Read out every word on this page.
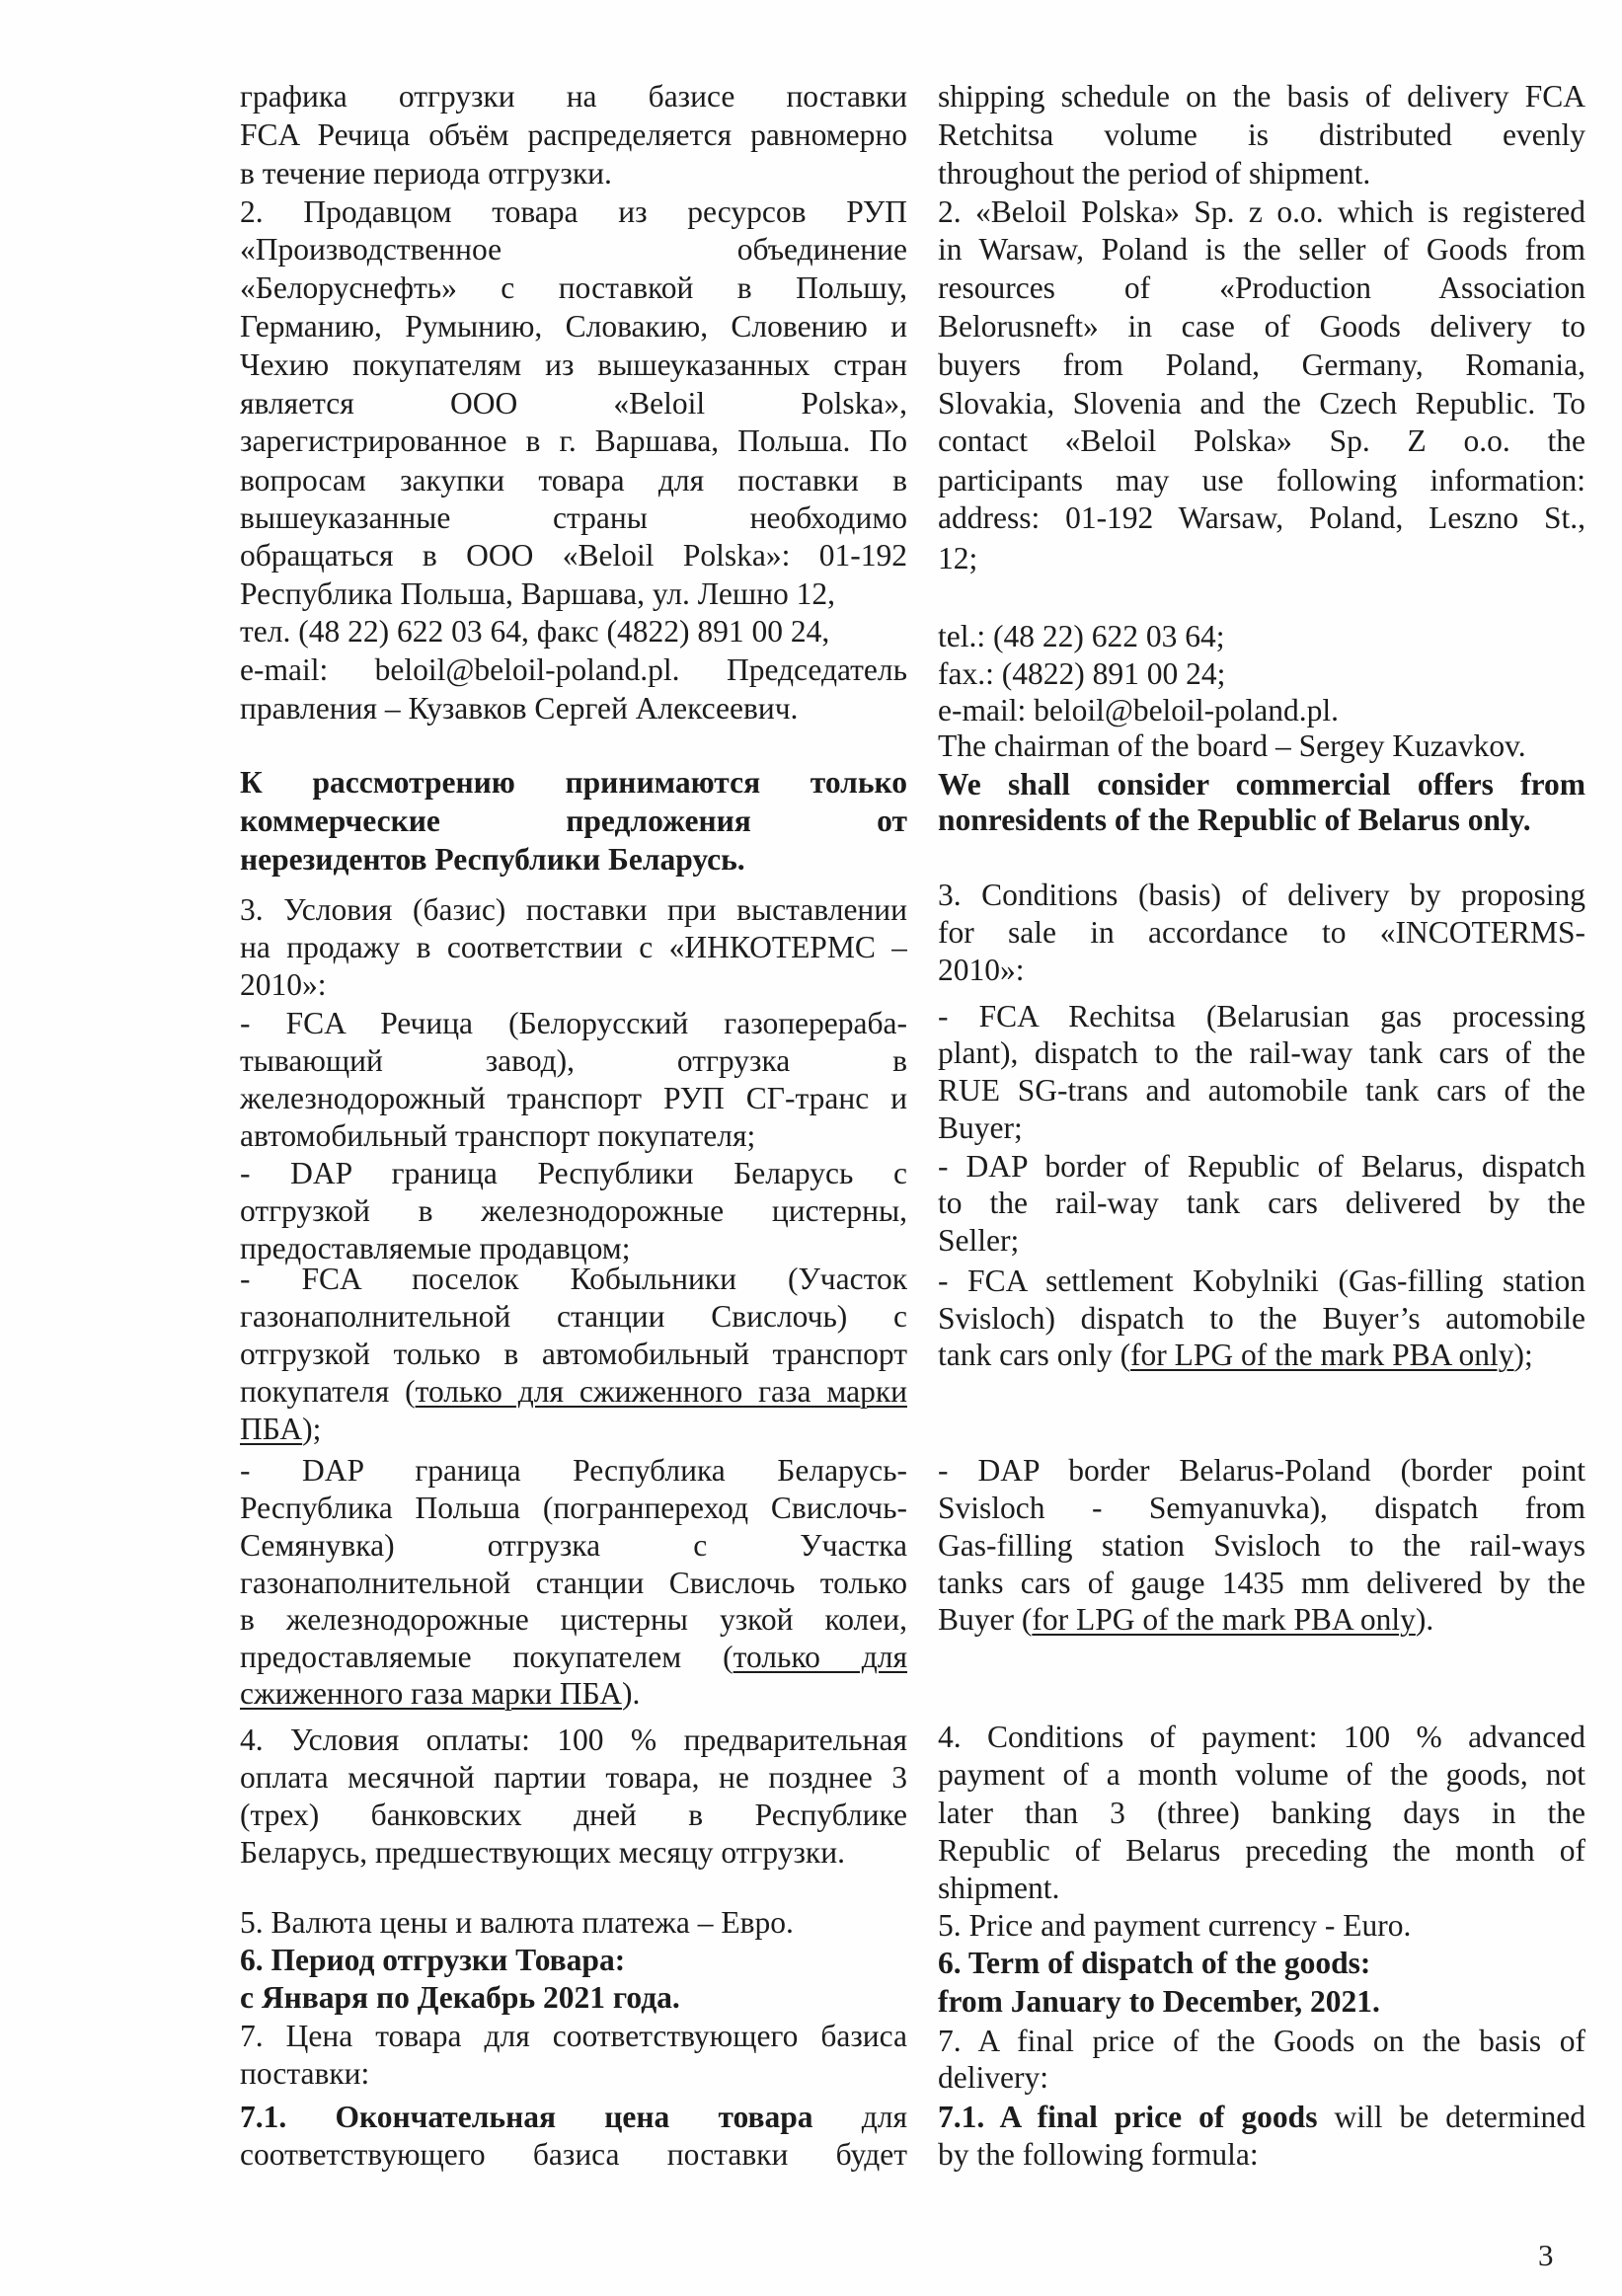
графика отгрузки на базисе поставки
FCA Речица объём распределяется равномерно
в течение периода отгрузки.
2. Продавцом товара из ресурсов РУП
«Производственное объединение
«Белоруснефть» с поставкой в Польшу,
Германию, Румынию, Словакию, Словению и
Чехию покупателям из вышеуказанных стран
является ООО «Beloil Polska»,
зарегистрированное в г. Варшава, Польша. По
вопросам закупки товара для поставки в
вышеуказанные страны необходимо
обращаться в ООО «Beloil Polska»: 01-192
Республика Польша, Варшава, ул. Лешно 12,
тел. (48 22) 622 03 64, факс (4822) 891 00 24,
e-mail: beloil@beloil-poland.pl. Председатель
правления – Кузавков Сергей Алексеевич.
К рассмотрению принимаются только
коммерческие предложения от
нерезидентов Республики Беларусь.
3. Условия (базис) поставки при выставлении
на продажу в соответствии с «ИНКОТЕРМС –
2010»:
- FCA Речица (Белорусский газоперераба-
тывающий завод), отгрузка в
железнодорожный транспорт РУП СГ-транс и
автомобильный транспорт покупателя;
- DAP граница Республики Беларусь с
отгрузкой в железнодорожные цистерны,
предоставляемые продавцом;
- FCA поселок Кобыльники (Участок
газонаполнительной станции Свислочь) с
отгрузкой только в автомобильный транспорт
покупателя (только для сжиженного газа марки
ПБА);
- DAP граница Республика Беларусь-
Республика Польша (погранпереход Свислочь-
Семянувка) отгрузка с Участка
газонаполнительной станции Свислочь только
в железнодорожные цистерны узкой колеи,
предоставляемые покупателем (только для
сжиженного газа марки ПБА).
4. Условия оплаты: 100 % предварительная
оплата месячной партии товара, не позднее 3
(трех) банковских дней в Республике
Беларусь, предшествующих месяцу отгрузки.
5. Валюта цены и валюта платежа – Евро.
6. Период отгрузки Товара:
с Января по Декабрь 2021 года.
7. Цена товара для соответствующего базиса
поставки:
7.1. Окончательная цена товара для
соответствующего базиса поставки будет
shipping schedule on the basis of delivery FCA
Retchitsa volume is distributed evenly
throughout the period of shipment.
2. «Beloil Polska» Sp. z o.o. which is registered
in Warsaw, Poland is the seller of Goods from
resources of «Production Association
Belorusneft» in case of Goods delivery to
buyers from Poland, Germany, Romania,
Slovakia, Slovenia and the Czech Republic. To
contact «Beloil Polska» Sp. Z o.o. the
participants may use following information:
address: 01-192 Warsaw, Poland, Leszno St.,
12;
tel.: (48 22) 622 03 64;
fax.: (4822) 891 00 24;
e-mail: beloil@beloil-poland.pl.
The chairman of the board – Sergey Kuzavkov.
We shall consider commercial offers from
nonresidents of the Republic of Belarus only.
3. Conditions (basis) of delivery by proposing
for sale in accordance to «INCOTERMS-
2010»:
- FCA Rechitsa (Belarusian gas processing
plant), dispatch to the rail-way tank cars of the
RUE SG-trans and automobile tank cars of the
Buyer;
- DAP border of Republic of Belarus, dispatch
to the rail-way tank cars delivered by the
Seller;
- FCA settlement Kobylniki (Gas-filling station
Svisloch) dispatch to the Buyer’s automobile
tank cars only (for LPG of the mark PBA only);
- DAP border Belarus-Poland (border point
Svisloch - Semyanuvka), dispatch from
Gas-filling station Svisloch to the rail-ways
tanks cars of gauge 1435 mm delivered by the
Buyer (for LPG of the mark PBA only).
4. Conditions of payment: 100 % advanced
payment of a month volume of the goods, not
later than 3 (three) banking days in the
Republic of Belarus preceding the month of
shipment.
5. Price and payment currency - Euro.
6. Term of dispatch of the goods:
from January to December, 2021.
7. A final price of the Goods on the basis of
delivery:
7.1. A final price of goods will be determined
by the following formula:
3
